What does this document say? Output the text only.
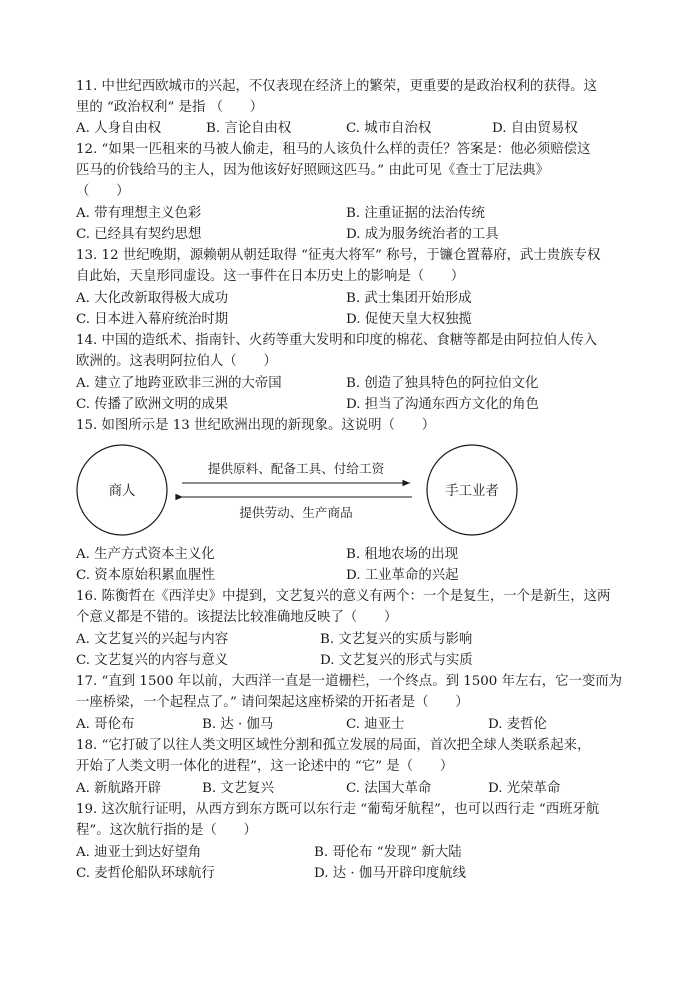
11. 中世纪西欧城市的兴起，不仅表现在经济上的繁荣，更重要的是政治权利的获得。这
里的 “政治权利” 是指 （　　）
A. 人身自由权	B. 言论自由权	C. 城市自治权	D. 自由贸易权
12. “如果一匹租来的马被人偷走，租马的人该负什么样的责任？答案是：他必须赔偿这
匹马的价钱给马的主人，因为他该好好照顾这匹马。” 由此可见《查士丁尼法典》
（　　）
A. 带有理想主义色彩	B. 注重证据的法治传统
C. 已经具有契约思想	D. 成为服务统治者的工具
13. 12 世纪晚期，源赖朝从朝廷取得 “征夷大将军” 称号，于镰仓置幕府，武士贵族专权
自此始，天皇形同虚设。这一事件在日本历史上的影响是（　　）
A. 大化改新取得极大成功	B. 武士集团开始形成
C. 日本进入幕府统治时期	D. 促使天皇大权独揽
14. 中国的造纸术、指南针、火药等重大发明和印度的棉花、食糖等都是由阿拉伯人传入
欧洲的。这表明阿拉伯人（　　）
A. 建立了地跨亚欧非三洲的大帝国	B. 创造了独具特色的阿拉伯文化
C. 传播了欧洲文明的成果	D. 担当了沟通东西方文化的角色
15. 如图所示是 13 世纪欧洲出现的新现象。这说明（　　）
商人	手工业者
提供原料、配备工具、付给工资
提供劳动、生产商品
A. 生产方式资本主义化	B. 租地农场的出现
C. 资本原始积累血腥性	D. 工业革命的兴起
16. 陈衡哲在《西洋史》中提到，文艺复兴的意义有两个：一个是复生，一个是新生，这两
个意义都是不错的。该提法比较准确地反映了（　　）
A. 文艺复兴的兴起与内容	B. 文艺复兴的实质与影响
C. 文艺复兴的内容与意义	D. 文艺复兴的形式与实质
17. “直到 1500 年以前，大西洋一直是一道栅栏，一个终点。到 1500 年左右，它一变而为
一座桥梁，一个起程点了。” 请问架起这座桥梁的开拓者是（　　）
A. 哥伦布	B. 达 · 伽马	C. 迪亚士	D. 麦哲伦
18. “它打破了以往人类文明区域性分割和孤立发展的局面，首次把全球人类联系起来，
开始了人类文明一体化的进程”，这一论述中的 “它” 是（　　）
A. 新航路开辟	B. 文艺复兴	C. 法国大革命	D. 光荣革命
19. 这次航行证明，从西方到东方既可以东行走 “葡萄牙航程”，也可以西行走 “西班牙航
程”。这次航行指的是（　　）
A. 迪亚士到达好望角	B. 哥伦布 “发现” 新大陆
C. 麦哲伦船队环球航行	D. 达 · 伽马开辟印度航线
